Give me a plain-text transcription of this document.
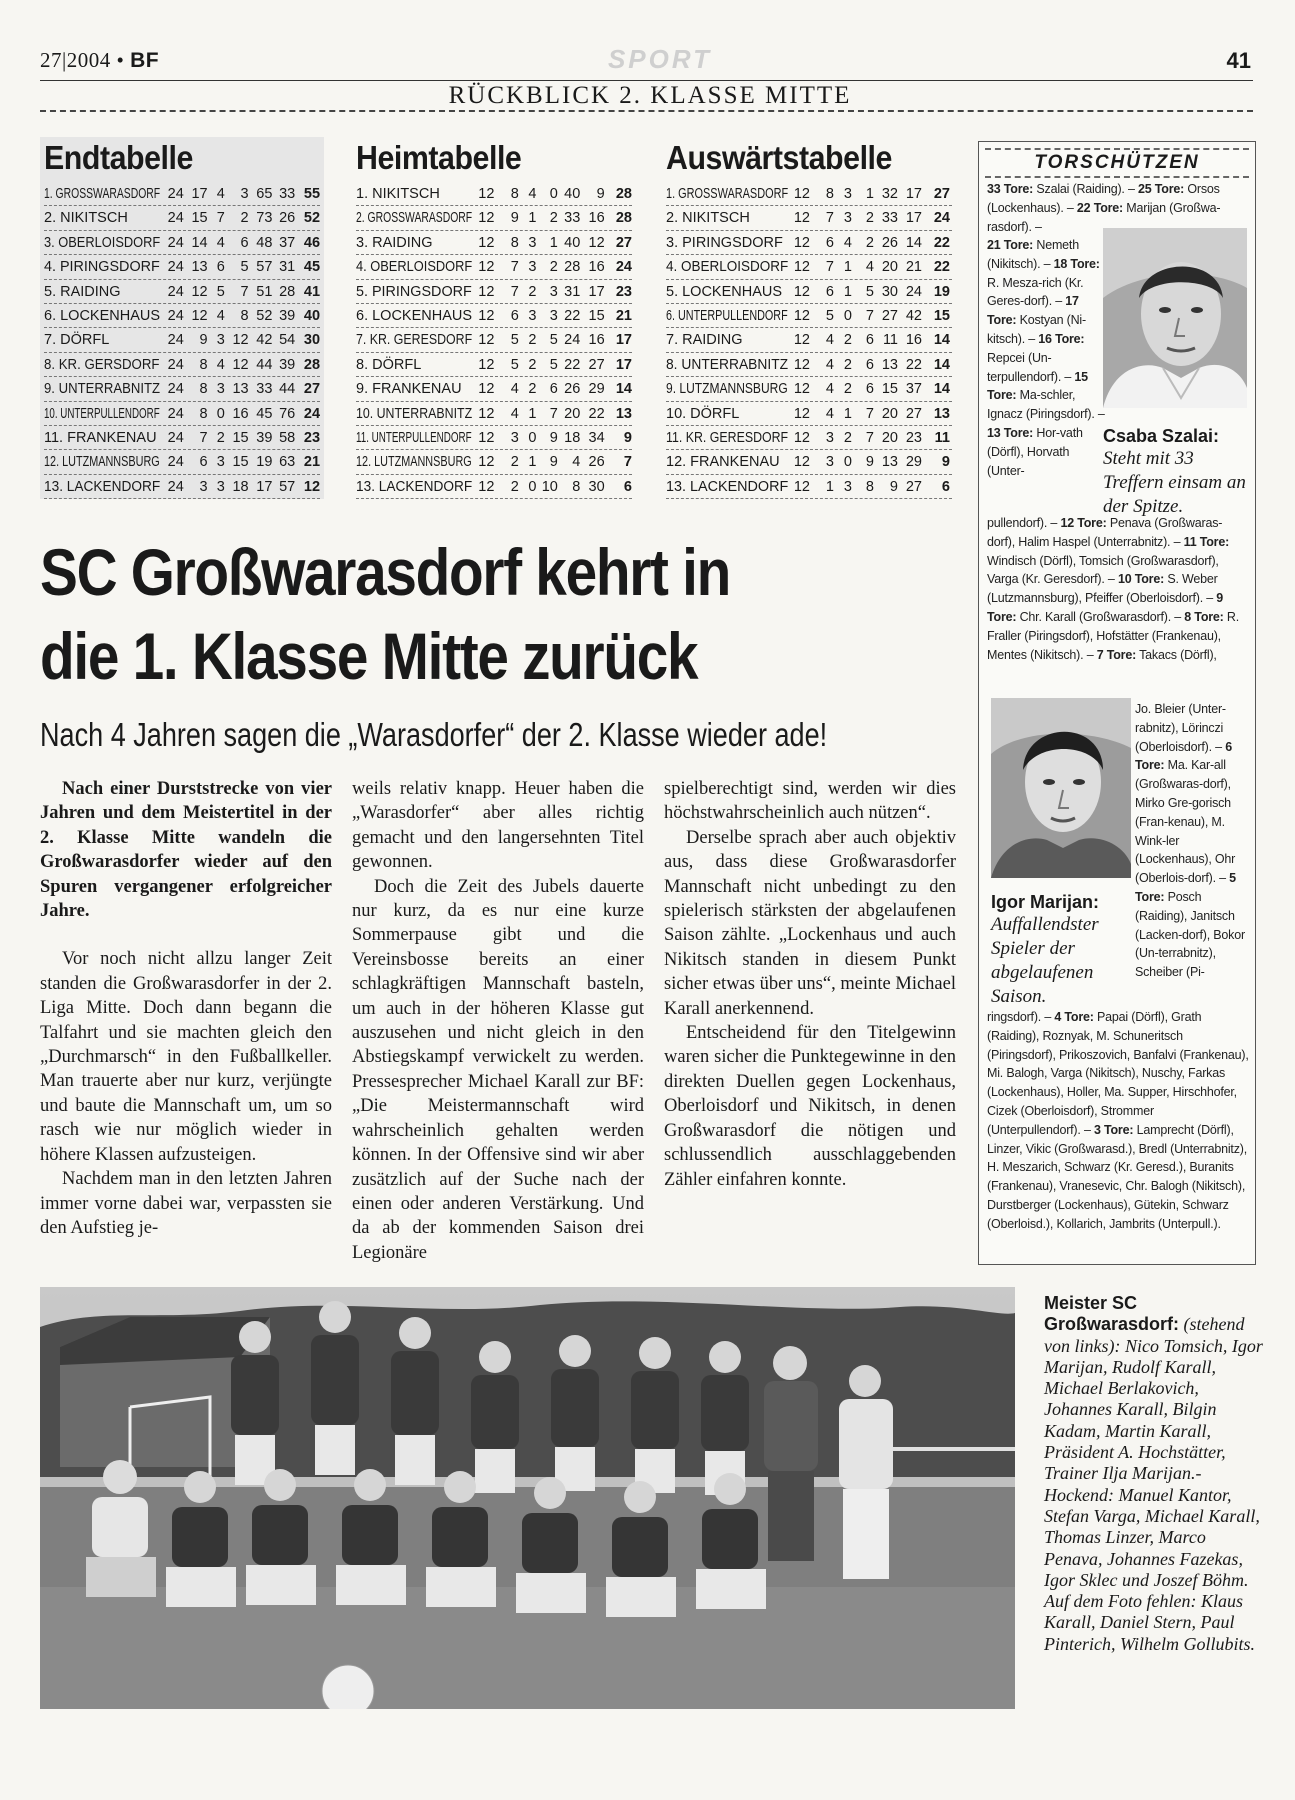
27|2004 • BF	SPORT	41
RÜCKBLICK 2. KLASSE MITTE
Endtabelle
1. GROSSWARASDORF 24 17 4	3 65 33 55
2. NIKITSCH	24 15 7	2 73 26 52
3. OBERLOISDORF 24 14 4	6 48 37 46
4. PIRINGSDORF 24 13 6	5 57 31 45
5. RAIDING	24 12 5	7 51 28 41
6. LOCKENHAUS 24 12 4	8 52 39 40
7. DÖRFL	24	9 3 12 42 54 30
8. KR. GERSDORF 24	8 4 12 44 39 28
9. UNTERRABNITZ 24	8 3 13 33 44 27
10. UNTERPULLENDORF 24	8 0 16 45 76 24
11. FRANKENAU 24	7 2 15 39 58 23
12. LUTZMANNSBURG 24	6 3 15 19 63 21
13. LACKENDORF 24	3 3 18 17 57 12
Heimtabelle
1. NIKITSCH	12	8 4 0 40	9 28
2. GROSSWARASDORF 12	9 1 2 33 16 28
3. RAIDING	12	8 3 1 40 12 27
4. OBERLOISDORF 12	7 3 2 28 16 24
5. PIRINGSDORF 12	7 2 3 31 17 23
6. LOCKENHAUS 12	6 3 3 22 15 21
7. KR. GERESDORF 12	5 2 5 24 16 17
8. DÖRFL	12	5 2 5 22 27 17
9. FRANKENAU	12	4 2 6 26 29 14
10. UNTERRABNITZ 12	4 1 7 20 22 13
11. UNTERPULLENDORF 12	3 0 9 18 34	9
12. LUTZMANNSBURG 12	2 1 9 4 26	7
13. LACKENDORF 12	2 0 10 8 30	6
Auswärtstabelle
1. GROSSWARASDORF 12	8 3 1 32 17 27
2. NIKITSCH	12	7 3 2 33 17 24
3. PIRINGSDORF 12	6 4 2 26 14 22
4. OBERLOISDORF 12	7 1 4 20 21 22
5. LOCKENHAUS 12	6 1 5 30 24 19
6. UNTERPULLENDORF 12	5 0 7 27 42 15
7. RAIDING	12	4 2 6 11 16 14
8. UNTERRABNITZ 12	4 2 6 13 22 14
9. LUTZMANNSBURG 12	4 2 6 15 37 14
10. DÖRFL	12	4 1 7 20 27 13
11. KR. GERESDORF 12	3 2 7 20 23 11
12. FRANKENAU 12	3 0 9 13 29	9
13. LACKENDORF 12	1 3 8	9 27	6
TORSCHÜTZEN
33 Tore: Szalai (Raiding). – 25 Tore: Orsos (Lockenhaus). – 22 Tore: Marijan (Großwa-rasdorf). –
21 Tore: Nemeth (Nikitsch). – 18 Tore: R. Mesza-rich (Kr. Geres-dorf). – 17 Tore: Kostyan (Ni-kitsch). – 16 Tore: Repcei (Un-terpullendorf). – 15 Tore: Ma-schler, Ignacz (Piringsdorf). – 13 Tore: Hor-vath (Dörfl), Horvath (Unter-
Csaba Szalai:
Steht mit 33 Treffern einsam an der Spitze.
pullendorf). – 12 Tore: Penava (Großwaras-dorf), Halim Haspel (Unterrabnitz). – 11 Tore: Windisch (Dörfl), Tomsich (Großwarasdorf), Varga (Kr. Geresdorf). – 10 Tore: S. Weber (Lutzmannsburg), Pfeiffer (Oberloisdorf). – 9 Tore: Chr. Karall (Großwarasdorf). – 8 Tore: R. Fraller (Piringsdorf), Hofstätter (Frankenau), Mentes (Nikitsch). – 7 Tore: Takacs (Dörfl),
Jo. Bleier (Unter-rabnitz), Lörinczi (Oberloisdorf). – 6 Tore: Ma. Kar-all (Großwaras-dorf), Mirko Gre-gorisch (Fran-kenau), M. Wink-ler (Lockenhaus), Ohr (Oberlois-dorf). – 5 Tore: Posch (Raiding), Janitsch (Lacken-dorf), Bokor (Un-terrabnitz), Scheiber (Pi-
Igor Marijan:
Auffallendster Spieler der abgelaufenen Saison.
ringsdorf). – 4 Tore: Papai (Dörfl), Grath (Raiding), Roznyak, M. Schuneritsch (Piringsdorf), Prikoszovich, Banfalvi (Frankenau), Mi. Balogh, Varga (Nikitsch), Nuschy, Farkas (Lockenhaus), Holler, Ma. Supper, Hirschhofer, Cizek (Oberloisdorf), Strommer (Unterpullendorf). – 3 Tore: Lamprecht (Dörfl), Linzer, Vikic (Großwarasd.), Bredl (Unterrabnitz), H. Meszarich, Schwarz (Kr. Geresd.), Buranits (Frankenau), Vranesevic, Chr. Balogh (Nikitsch), Durstberger (Lockenhaus), Gütekin, Schwarz (Oberloisd.), Kollarich, Jambrits (Unterpull.).
SC Großwarasdorf kehrt in
die 1. Klasse Mitte zurück
Nach 4 Jahren sagen die „Warasdorfer“ der 2. Klasse wieder ade!

Nach einer Durststrecke von vier Jahren und dem Meistertitel in der 2. Klasse Mitte wandeln die Großwarasdorfer wieder auf den Spuren vergangener erfolgreicher Jahre.

Vor noch nicht allzu langer Zeit standen die Großwarasdorfer in der 2. Liga Mitte. Doch dann begann die Talfahrt und sie machten gleich den „Durchmarsch“ in den Fußballkeller. Man trauerte aber nur kurz, verjüngte und baute die Mannschaft um, um so rasch wie nur möglich wieder in höhere Klassen aufzusteigen.

Nachdem man in den letzten Jahren immer vorne dabei war, verpassten sie den Aufstieg je-

weils relativ knapp. Heuer haben die „Warasdorfer“ aber alles richtig gemacht und den langersehnten Titel gewonnen.

Doch die Zeit des Jubels dauerte nur kurz, da es nur eine kurze Sommerpause gibt und die Vereinsbosse bereits an einer schlagkräftigen Mannschaft basteln, um auch in der höheren Klasse gut auszusehen und nicht gleich in den Abstiegskampf verwickelt zu werden. Pressesprecher Michael Karall zur BF: „Die Meistermannschaft wird wahrscheinlich gehalten werden können. In der Offensive sind wir aber zusätzlich auf der Suche nach der einen oder anderen Verstärkung. Und da ab der kommenden Saison drei Legionäre

spielberechtigt sind, werden wir dies höchstwahrscheinlich auch nützen“.

Derselbe sprach aber auch objektiv aus, dass diese Großwarasdorfer Mannschaft nicht unbedingt zu den spielerisch stärksten der abgelaufenen Saison zählte. „Lockenhaus und auch Nikitsch standen in diesem Punkt sicher etwas über uns“, meinte Michael Karall anerkennend.

Entscheidend für den Titelgewinn waren sicher die Punktegewinne in den direkten Duellen gegen Lockenhaus, Oberloisdorf und Nikitsch, in denen Großwarasdorf die nötigen und schlussendlich ausschlaggebenden Zähler einfahren konnte.

Meister SC Großwarasdorf: (stehend von links): Nico Tomsich, Igor Marijan, Rudolf Karall, Michael Berlakovich, Johannes Karall, Bilgin Kadam, Martin Karall, Präsident A. Hochstätter, Trainer Ilja Marijan.- Hockend: Manuel Kantor, Stefan Varga, Michael Karall, Thomas Linzer, Marco Penava, Johannes Fazekas, Igor Sklec und Joszef Böhm. Auf dem Foto fehlen: Klaus Karall, Daniel Stern, Paul Pinterich, Wilhelm Gollubits.
